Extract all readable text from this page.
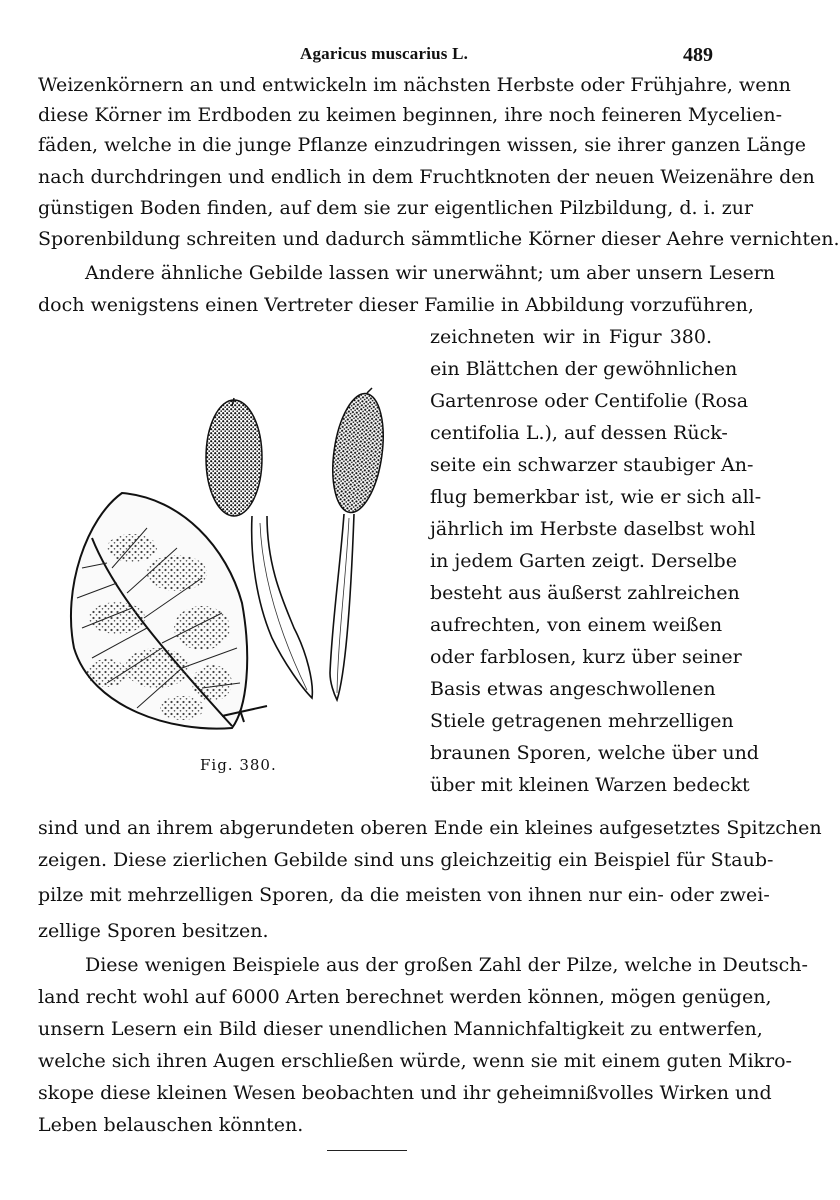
Agaricus muscarius L.	489
Weizenkörnern an und entwickeln im nächsten Herbste oder Frühjahre, wenn
diese Körner im Erdboden zu keimen beginnen, ihre noch feineren Mycelien-
fäden, welche in die junge Pflanze einzudringen wissen, sie ihrer ganzen Länge
nach durchdringen und endlich in dem Fruchtknoten der neuen Weizenähre den
günstigen Boden finden, auf dem sie zur eigentlichen Pilzbildung, d. i. zur
Sporenbildung schreiten und dadurch sämmtliche Körner dieser Aehre vernichten.
Andere ähnliche Gebilde lassen wir unerwähnt; um aber unsern Lesern
doch wenigstens einen Vertreter dieser Familie in Abbildung vorzuführen,
zeichneten wir in Figur 380.
ein Blättchen der gewöhnlichen
Gartenrose oder Centifolie (Rosa
centifolia L.), auf dessen Rück-
seite ein schwarzer staubiger An-
flug bemerkbar ist, wie er sich all-
jährlich im Herbste daselbst wohl
in jedem Garten zeigt. Derselbe
besteht aus äußerst zahlreichen
aufrechten, von einem weißen
oder farblosen, kurz über seiner
Basis etwas angeschwollenen
Stiele getragenen mehrzelligen
braunen Sporen, welche über und
über mit kleinen Warzen bedeckt
Fig. 380.
sind und an ihrem abgerundeten oberen Ende ein kleines aufgesetztes Spitzchen
zeigen. Diese zierlichen Gebilde sind uns gleichzeitig ein Beispiel für Staub-
pilze mit mehrzelligen Sporen, da die meisten von ihnen nur ein- oder zwei-
zellige Sporen besitzen.
Diese wenigen Beispiele aus der großen Zahl der Pilze, welche in Deutsch-
land recht wohl auf 6000 Arten berechnet werden können, mögen genügen,
unsern Lesern ein Bild dieser unendlichen Mannichfaltigkeit zu entwerfen,
welche sich ihren Augen erschließen würde, wenn sie mit einem guten Mikro-
skope diese kleinen Wesen beobachten und ihr geheimnißvolles Wirken und
Leben belauschen könnten.
